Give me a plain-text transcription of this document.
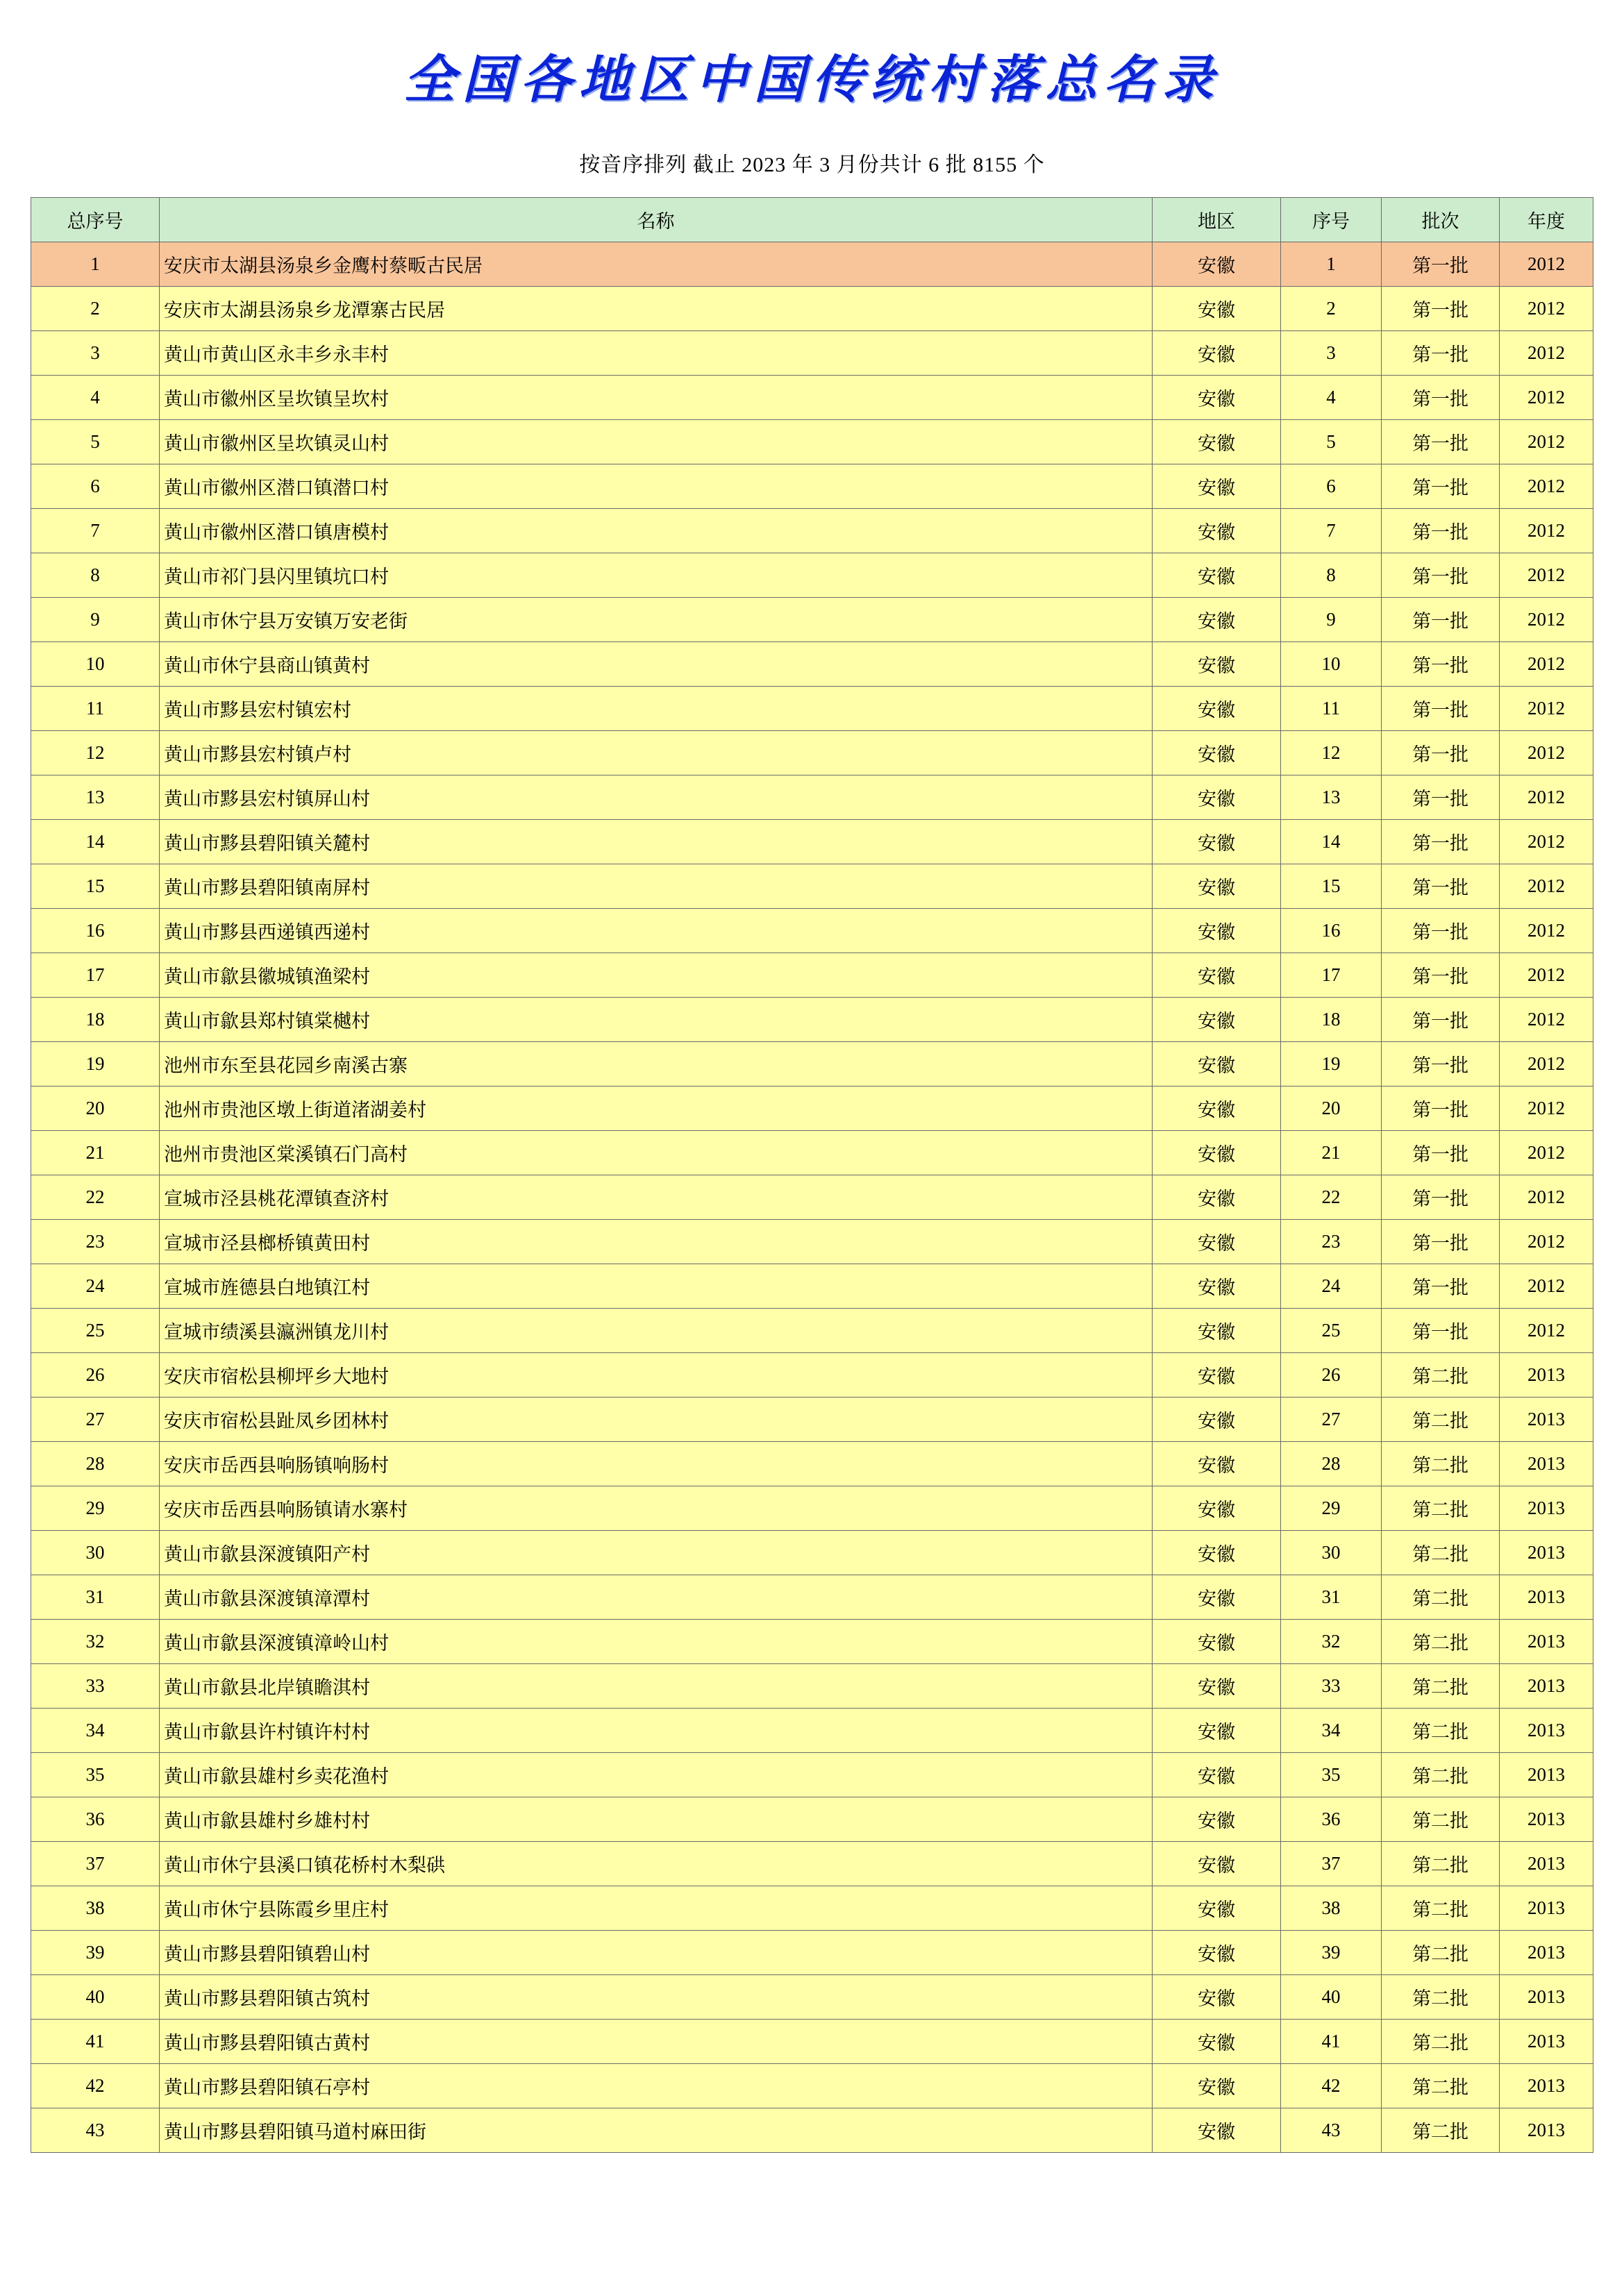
全国各地区中国传统村落总名录
按音序排列 截止 2023 年 3 月份共计 6 批 8155 个
总序号	名称	地区	序号	批次	年度
1	安庆市太湖县汤泉乡金鹰村蔡畈古民居	安徽	1	第一批	2012
2	安庆市太湖县汤泉乡龙潭寨古民居	安徽	2	第一批	2012
3	黄山市黄山区永丰乡永丰村	安徽	3	第一批	2012
4	黄山市徽州区呈坎镇呈坎村	安徽	4	第一批	2012
5	黄山市徽州区呈坎镇灵山村	安徽	5	第一批	2012
6	黄山市徽州区潜口镇潜口村	安徽	6	第一批	2012
7	黄山市徽州区潜口镇唐模村	安徽	7	第一批	2012
8	黄山市祁门县闪里镇坑口村	安徽	8	第一批	2012
9	黄山市休宁县万安镇万安老街	安徽	9	第一批	2012
10	黄山市休宁县商山镇黄村	安徽	10	第一批	2012
11	黄山市黟县宏村镇宏村	安徽	11	第一批	2012
12	黄山市黟县宏村镇卢村	安徽	12	第一批	2012
13	黄山市黟县宏村镇屏山村	安徽	13	第一批	2012
14	黄山市黟县碧阳镇关麓村	安徽	14	第一批	2012
15	黄山市黟县碧阳镇南屏村	安徽	15	第一批	2012
16	黄山市黟县西递镇西递村	安徽	16	第一批	2012
17	黄山市歙县徽城镇渔梁村	安徽	17	第一批	2012
18	黄山市歙县郑村镇棠樾村	安徽	18	第一批	2012
19	池州市东至县花园乡南溪古寨	安徽	19	第一批	2012
20	池州市贵池区墩上街道渚湖姜村	安徽	20	第一批	2012
21	池州市贵池区棠溪镇石门高村	安徽	21	第一批	2012
22	宣城市泾县桃花潭镇查济村	安徽	22	第一批	2012
23	宣城市泾县榔桥镇黄田村	安徽	23	第一批	2012
24	宣城市旌德县白地镇江村	安徽	24	第一批	2012
25	宣城市绩溪县瀛洲镇龙川村	安徽	25	第一批	2012
26	安庆市宿松县柳坪乡大地村	安徽	26	第二批	2013
27	安庆市宿松县趾凤乡团林村	安徽	27	第二批	2013
28	安庆市岳西县响肠镇响肠村	安徽	28	第二批	2013
29	安庆市岳西县响肠镇请水寨村	安徽	29	第二批	2013
30	黄山市歙县深渡镇阳产村	安徽	30	第二批	2013
31	黄山市歙县深渡镇漳潭村	安徽	31	第二批	2013
32	黄山市歙县深渡镇漳岭山村	安徽	32	第二批	2013
33	黄山市歙县北岸镇瞻淇村	安徽	33	第二批	2013
34	黄山市歙县许村镇许村村	安徽	34	第二批	2013
35	黄山市歙县雄村乡卖花渔村	安徽	35	第二批	2013
36	黄山市歙县雄村乡雄村村	安徽	36	第二批	2013
37	黄山市休宁县溪口镇花桥村木梨硔	安徽	37	第二批	2013
38	黄山市休宁县陈霞乡里庄村	安徽	38	第二批	2013
39	黄山市黟县碧阳镇碧山村	安徽	39	第二批	2013
40	黄山市黟县碧阳镇古筑村	安徽	40	第二批	2013
41	黄山市黟县碧阳镇古黄村	安徽	41	第二批	2013
42	黄山市黟县碧阳镇石亭村	安徽	42	第二批	2013
43	黄山市黟县碧阳镇马道村麻田街	安徽	43	第二批	2013
